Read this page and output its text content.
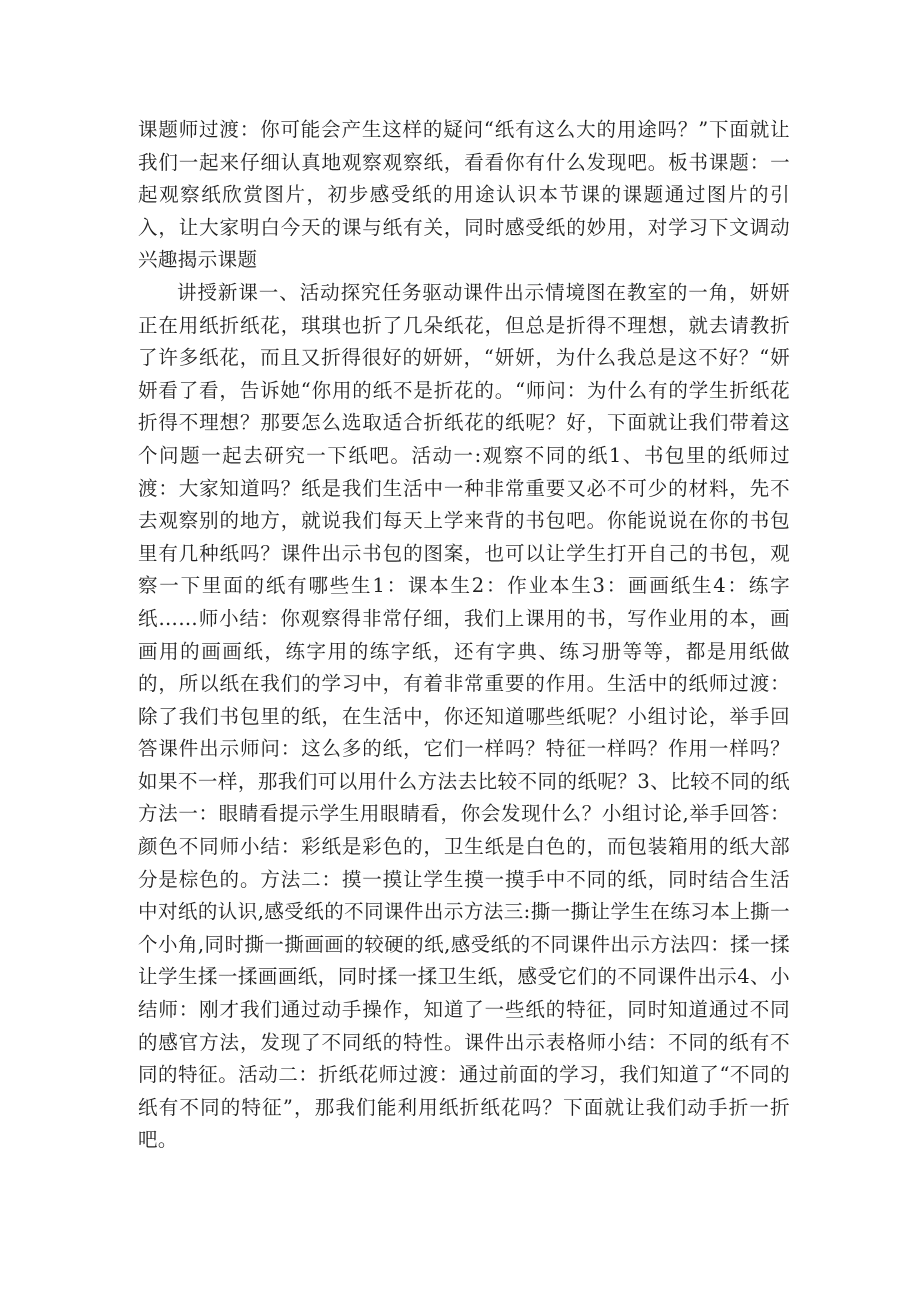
课题师过渡：你可能会产生这样的疑问“纸有这么大的用途吗？”下面就让我们一起来仔细认真地观察观察纸，看看你有什么发现吧。板书课题：一起观察纸欣赏图片，初步感受纸的用途认识本节课的课题通过图片的引入，让大家明白今天的课与纸有关，同时感受纸的妙用，对学习下文调动兴趣揭示课题

讲授新课一、活动探究任务驱动课件出示情境图在教室的一角，妍妍正在用纸折纸花，琪琪也折了几朵纸花，但总是折得不理想，就去请教折了许多纸花，而且又折得很好的妍妍，“妍妍，为什么我总是这不好？“妍妍看了看，告诉她“你用的纸不是折花的。“师问：为什么有的学生折纸花折得不理想？那要怎么选取适合折纸花的纸呢？好，下面就让我们带着这个问题一起去研究一下纸吧。活动一:观察不同的纸1、书包里的纸师过渡：大家知道吗？纸是我们生活中一种非常重要又必不可少的材料，先不去观察别的地方，就说我们每天上学来背的书包吧。你能说说在你的书包里有几种纸吗？课件出示书包的图案，也可以让学生打开自己的书包，观察一下里面的纸有哪些生1：课本生2：作业本生3：画画纸生4：练字纸……师小结：你观察得非常仔细，我们上课用的书，写作业用的本，画画用的画画纸，练字用的练字纸，还有字典、练习册等等，都是用纸做的，所以纸在我们的学习中，有着非常重要的作用。生活中的纸师过渡：除了我们书包里的纸，在生活中，你还知道哪些纸呢？小组讨论，举手回答课件出示师问：这么多的纸，它们一样吗？特征一样吗？作用一样吗？如果不一样，那我们可以用什么方法去比较不同的纸呢？3、比较不同的纸方法一：眼睛看提示学生用眼睛看，你会发现什么？小组讨论,举手回答：颜色不同师小结：彩纸是彩色的，卫生纸是白色的，而包装箱用的纸大部分是棕色的。方法二：摸一摸让学生摸一摸手中不同的纸，同时结合生活中对纸的认识,感受纸的不同课件出示方法三:撕一撕让学生在练习本上撕一个小角,同时撕一撕画画的较硬的纸,感受纸的不同课件出示方法四：揉一揉让学生揉一揉画画纸，同时揉一揉卫生纸，感受它们的不同课件出示4、小结师：刚才我们通过动手操作，知道了一些纸的特征，同时知道通过不同的感官方法，发现了不同纸的特性。课件出示表格师小结：不同的纸有不同的特征。活动二：折纸花师过渡：通过前面的学习，我们知道了“不同的纸有不同的特征”，那我们能利用纸折纸花吗？下面就让我们动手折一折吧。
